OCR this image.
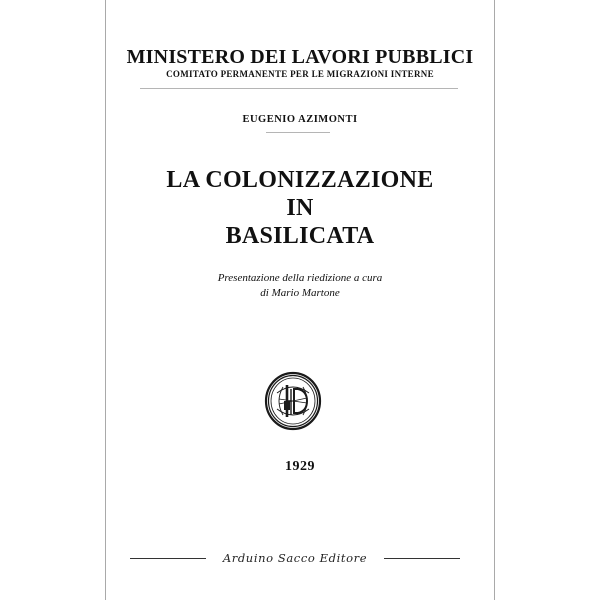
MINISTERO DEI LAVORI PUBBLICI
COMITATO PERMANENTE PER LE MIGRAZIONI INTERNE
EUGENIO AZIMONTI
LA COLONIZZAZIONE
IN
BASILICATA
Presentazione della riedizione a cura
di Mario Martone
1929
Arduino Sacco Editore
